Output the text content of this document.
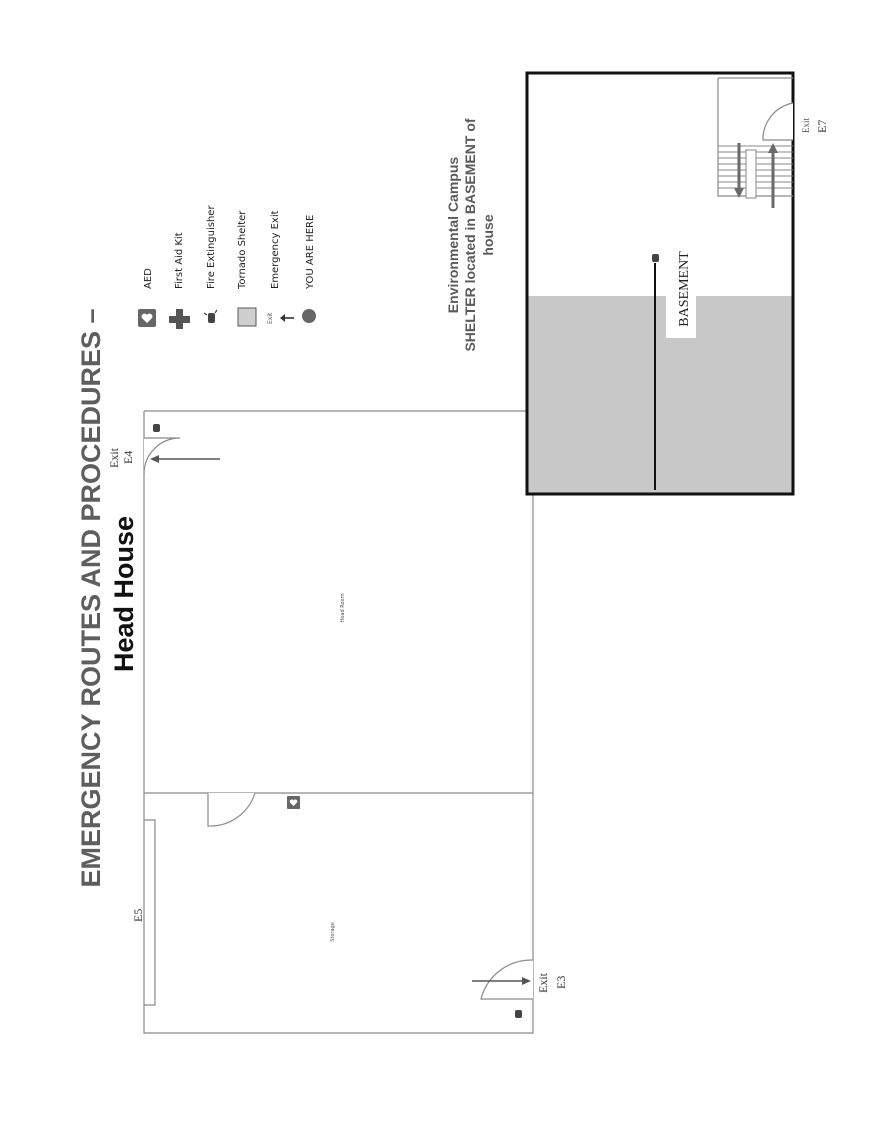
EMERGENCY ROUTES AND PROCEDURES – Head House
AED First Aid Kit Fire Extinguisher Tornado Shelter
Exit
Emergency Exit YOU ARE HERE	Environmental Campus SHELTER located in BASEMENT of house
Head Room
Storage
Exit E4
E5
Exit E3
BASEMENT
Exit E7
